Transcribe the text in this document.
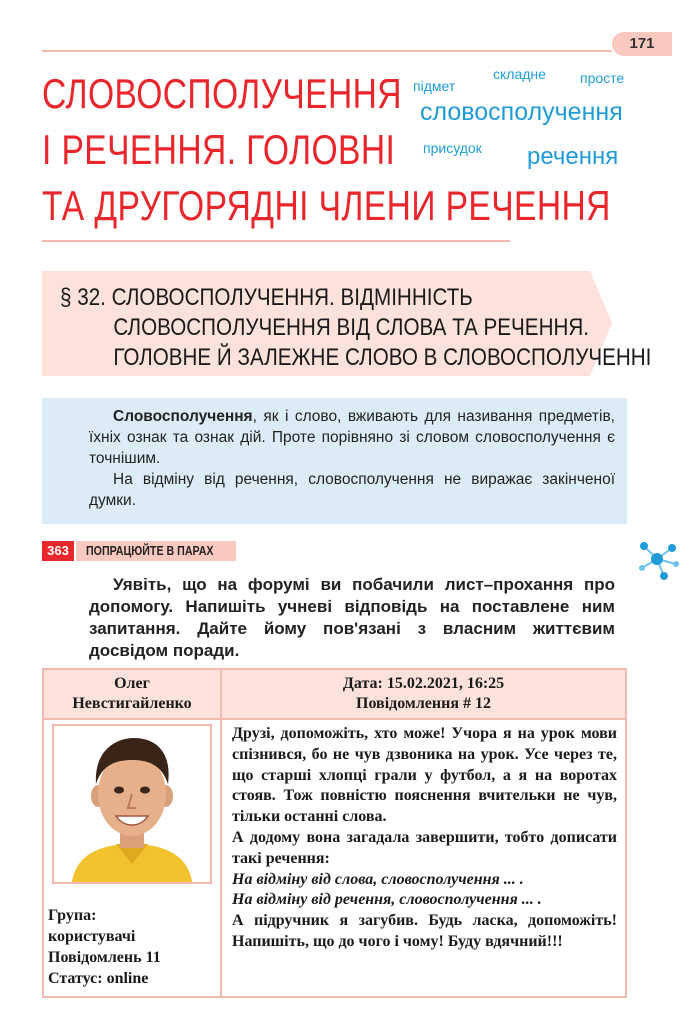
171
СЛОВОСПОЛУЧЕННЯ
І РЕЧЕННЯ. ГОЛОВНІ
ТА ДРУГОРЯДНІ ЧЛЕНИ РЕЧЕННЯ
підмет
складне просте
словосполучення
присудок речення
§ 32. СЛОВОСПОЛУЧЕННЯ. ВІДМІННІСТЬ
СЛОВОСПОЛУЧЕННЯ ВІД СЛОВА ТА РЕЧЕННЯ.
ГОЛОВНЕ Й ЗАЛЕЖНЕ СЛОВО В СЛОВОСПОЛУЧЕННІ

Словосполучення, як і слово, вживають для називання предметів, їхніх ознак та ознак дій. Проте порівняно зі словом словосполучення є точнішим.

На відміну від речення, словосполучення не виражає закінченої думки.

363	ПОПРАЦЮЙТЕ В ПАРАХ

Уявіть, що на форумі ви побачили лист–прохання про допомогу. Напишіть учневі відповідь на поставлене ним запитання. Дайте йому пов'язані з власним життєвим досвідом поради.

Олег
Невстигайленко
Дата: 15.02.2021, 16:25
Повідомлення # 12
Група:
користувачі
Повідомлень 11
Статус: online

Друзі, допоможіть, хто може! Учора я на урок мови спізнився, бо не чув дзвоника на урок. Усе через те, що старші хлопці грали у футбол, а я на воротах стояв. Тож повністю пояснення вчительки не чув, тільки останні слова.

А додому вона загадала завершити, тобто дописати такі речення:

На відміну від слова, словосполучення ... .

На відміну від речення, словосполучення ... .

А підручник я загубив. Будь ласка, допоможіть! Напишіть, що до чого і чому! Буду вдячний!!!
